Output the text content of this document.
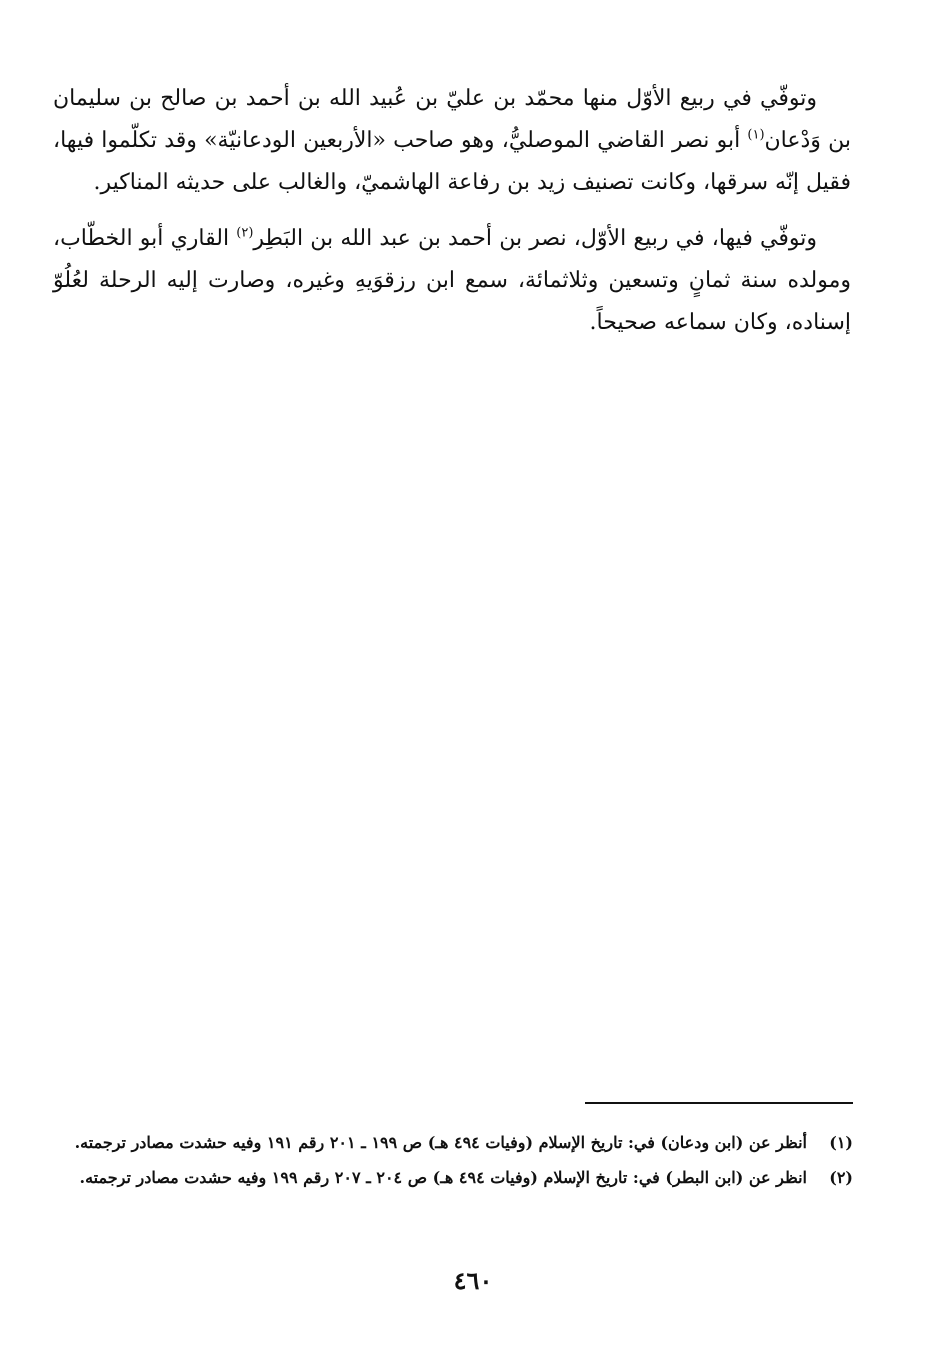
وتوفّي في ربيع الأوّل منها محمّد بن عليّ بن عُبيد الله بن أحمد بن صالح بن سليمان بن وَدْعان$^{(١)}$ أبو نصر القاضي الموصليُّ، وهو صاحب «الأربعين الودعانيّة» وقد تكلّموا فيها، فقيل إنّه سرقها، وكانت تصنيف زيد بن رفاعة الهاشميّ، والغالب على حديثه المناكير.

وتوفّي فيها، في ربيع الأوّل، نصر بن أحمد بن عبد الله بن البَطِر$^{(٢)}$ القاري أبو الخطّاب، ومولده سنة ثمانٍ وتسعين وثلاثمائة، سمع ابن رزقوَيهِ وغيره، وصارت إليه الرحلة لعُلُوّ إسناده، وكان سماعه صحيحاً.

(١)
أنظر عن (ابن ودعان) في: تاريخ الإسلام (وفيات ٤٩٤ هـ) ص ١٩٩ ـ ٢٠١ رقم ١٩١ وفيه حشدت مصادر ترجمته.
(٢)
انظر عن (ابن البطر) في: تاريخ الإسلام (وفيات ٤٩٤ هـ) ص ٢٠٤ ـ ٢٠٧ رقم ١٩٩ وفيه حشدت مصادر ترجمته.
٤٦٠
